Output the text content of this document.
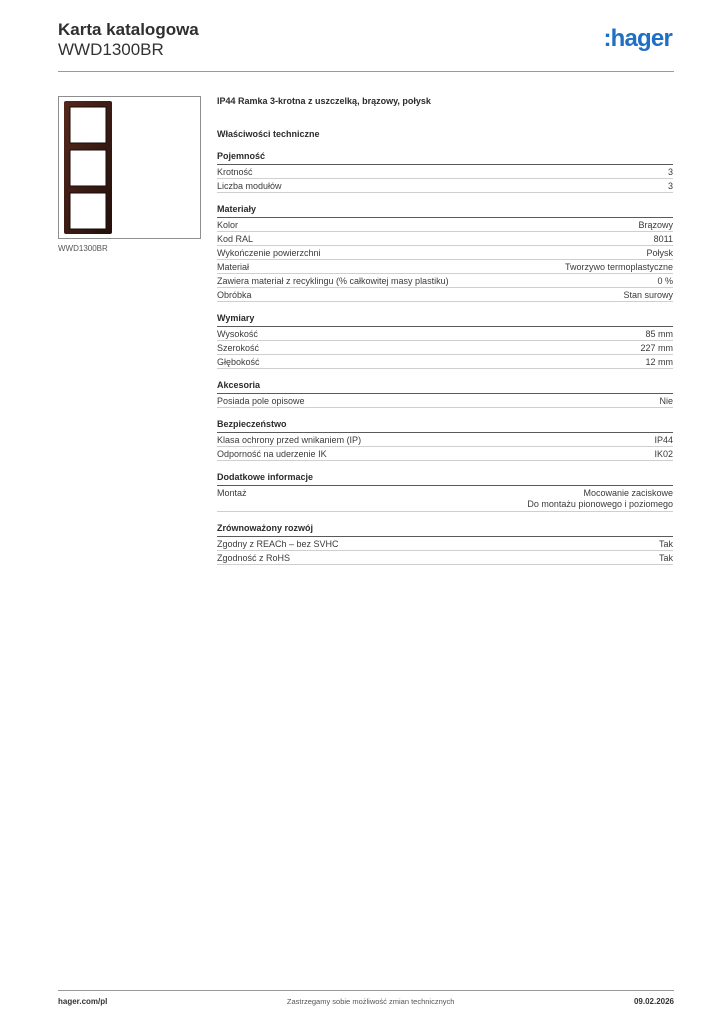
Karta katalogowa
WWD1300BR	:hager
WWD1300BR
IP44 Ramka 3-krotna z uszczelką, brązowy, połysk
Właściwości techniczne
Pojemność
Krotność	3
Liczba modułów	3
Materiały
Kolor	Brązowy
Kod RAL	8011
Wykończenie powierzchni	Połysk
Materiał	Tworzywo termoplastyczne
Zawiera materiał z recyklingu (% całkowitej masy plastiku)	0 %
Obróbka	Stan surowy
Wymiary
Wysokość	85 mm
Szerokość	227 mm
Głębokość	12 mm
Akcesoria
Posiada pole opisowe	Nie
Bezpieczeństwo
Klasa ochrony przed wnikaniem (IP)	IP44
Odporność na uderzenie IK	IK02
Dodatkowe informacje
Montaż	Mocowanie zaciskowe
Do montażu pionowego i poziomego
Zrównoważony rozwój
Zgodny z REACh – bez SVHC	Tak
Zgodność z RoHS	Tak
hager.com/pl	Zastrzegamy sobie możliwość zmian technicznych	09.02.2026
